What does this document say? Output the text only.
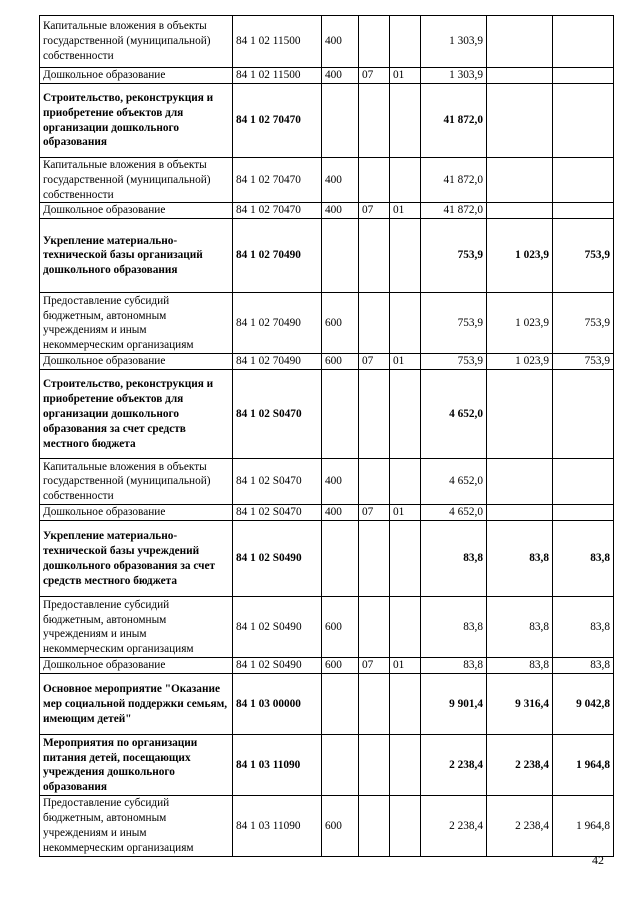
Капитальные вложения в объекты государственной (муниципальной) собственности	84 1 02 11500	400			1 303,9		
Дошкольное образование	84 1 02 11500	400	07	01	1 303,9		
Строительство, реконструкция и приобретение объектов для организации дошкольного образования	84 1 02 70470				41 872,0		
Капитальные вложения в объекты государственной (муниципальной) собственности	84 1 02 70470	400			41 872,0		
Дошкольное образование	84 1 02 70470	400	07	01	41 872,0		
Укрепление материально-технической базы организаций дошкольного образования	84 1 02 70490				753,9	1 023,9	753,9
Предоставление субсидий бюджетным, автономным учреждениям и иным некоммерческим организациям	84 1 02 70490	600			753,9	1 023,9	753,9
Дошкольное образование	84 1 02 70490	600	07	01	753,9	1 023,9	753,9
Строительство, реконструкция и приобретение объектов для организации дошкольного образования за счет средств местного бюджета	84 1 02 S0470				4 652,0		
Капитальные вложения в объекты государственной (муниципальной) собственности	84 1 02 S0470	400			4 652,0		
Дошкольное образование	84 1 02 S0470	400	07	01	4 652,0		
Укрепление материально-технической базы учреждений дошкольного образования за счет средств местного бюджета	84 1 02 S0490				83,8	83,8	83,8
Предоставление субсидий бюджетным, автономным учреждениям и иным некоммерческим организациям	84 1 02 S0490	600			83,8	83,8	83,8
Дошкольное образование	84 1 02 S0490	600	07	01	83,8	83,8	83,8
Основное мероприятие "Оказание мер социальной поддержки семьям, имеющим детей"	84 1 03 00000				9 901,4	9 316,4	9 042,8
Мероприятия по организации питания детей, посещающих учреждения дошкольного образования	84 1 03 11090				2 238,4	2 238,4	1 964,8
Предоставление субсидий бюджетным, автономным учреждениям и иным некоммерческим организациям	84 1 03 11090	600			2 238,4	2 238,4	1 964,8
42
